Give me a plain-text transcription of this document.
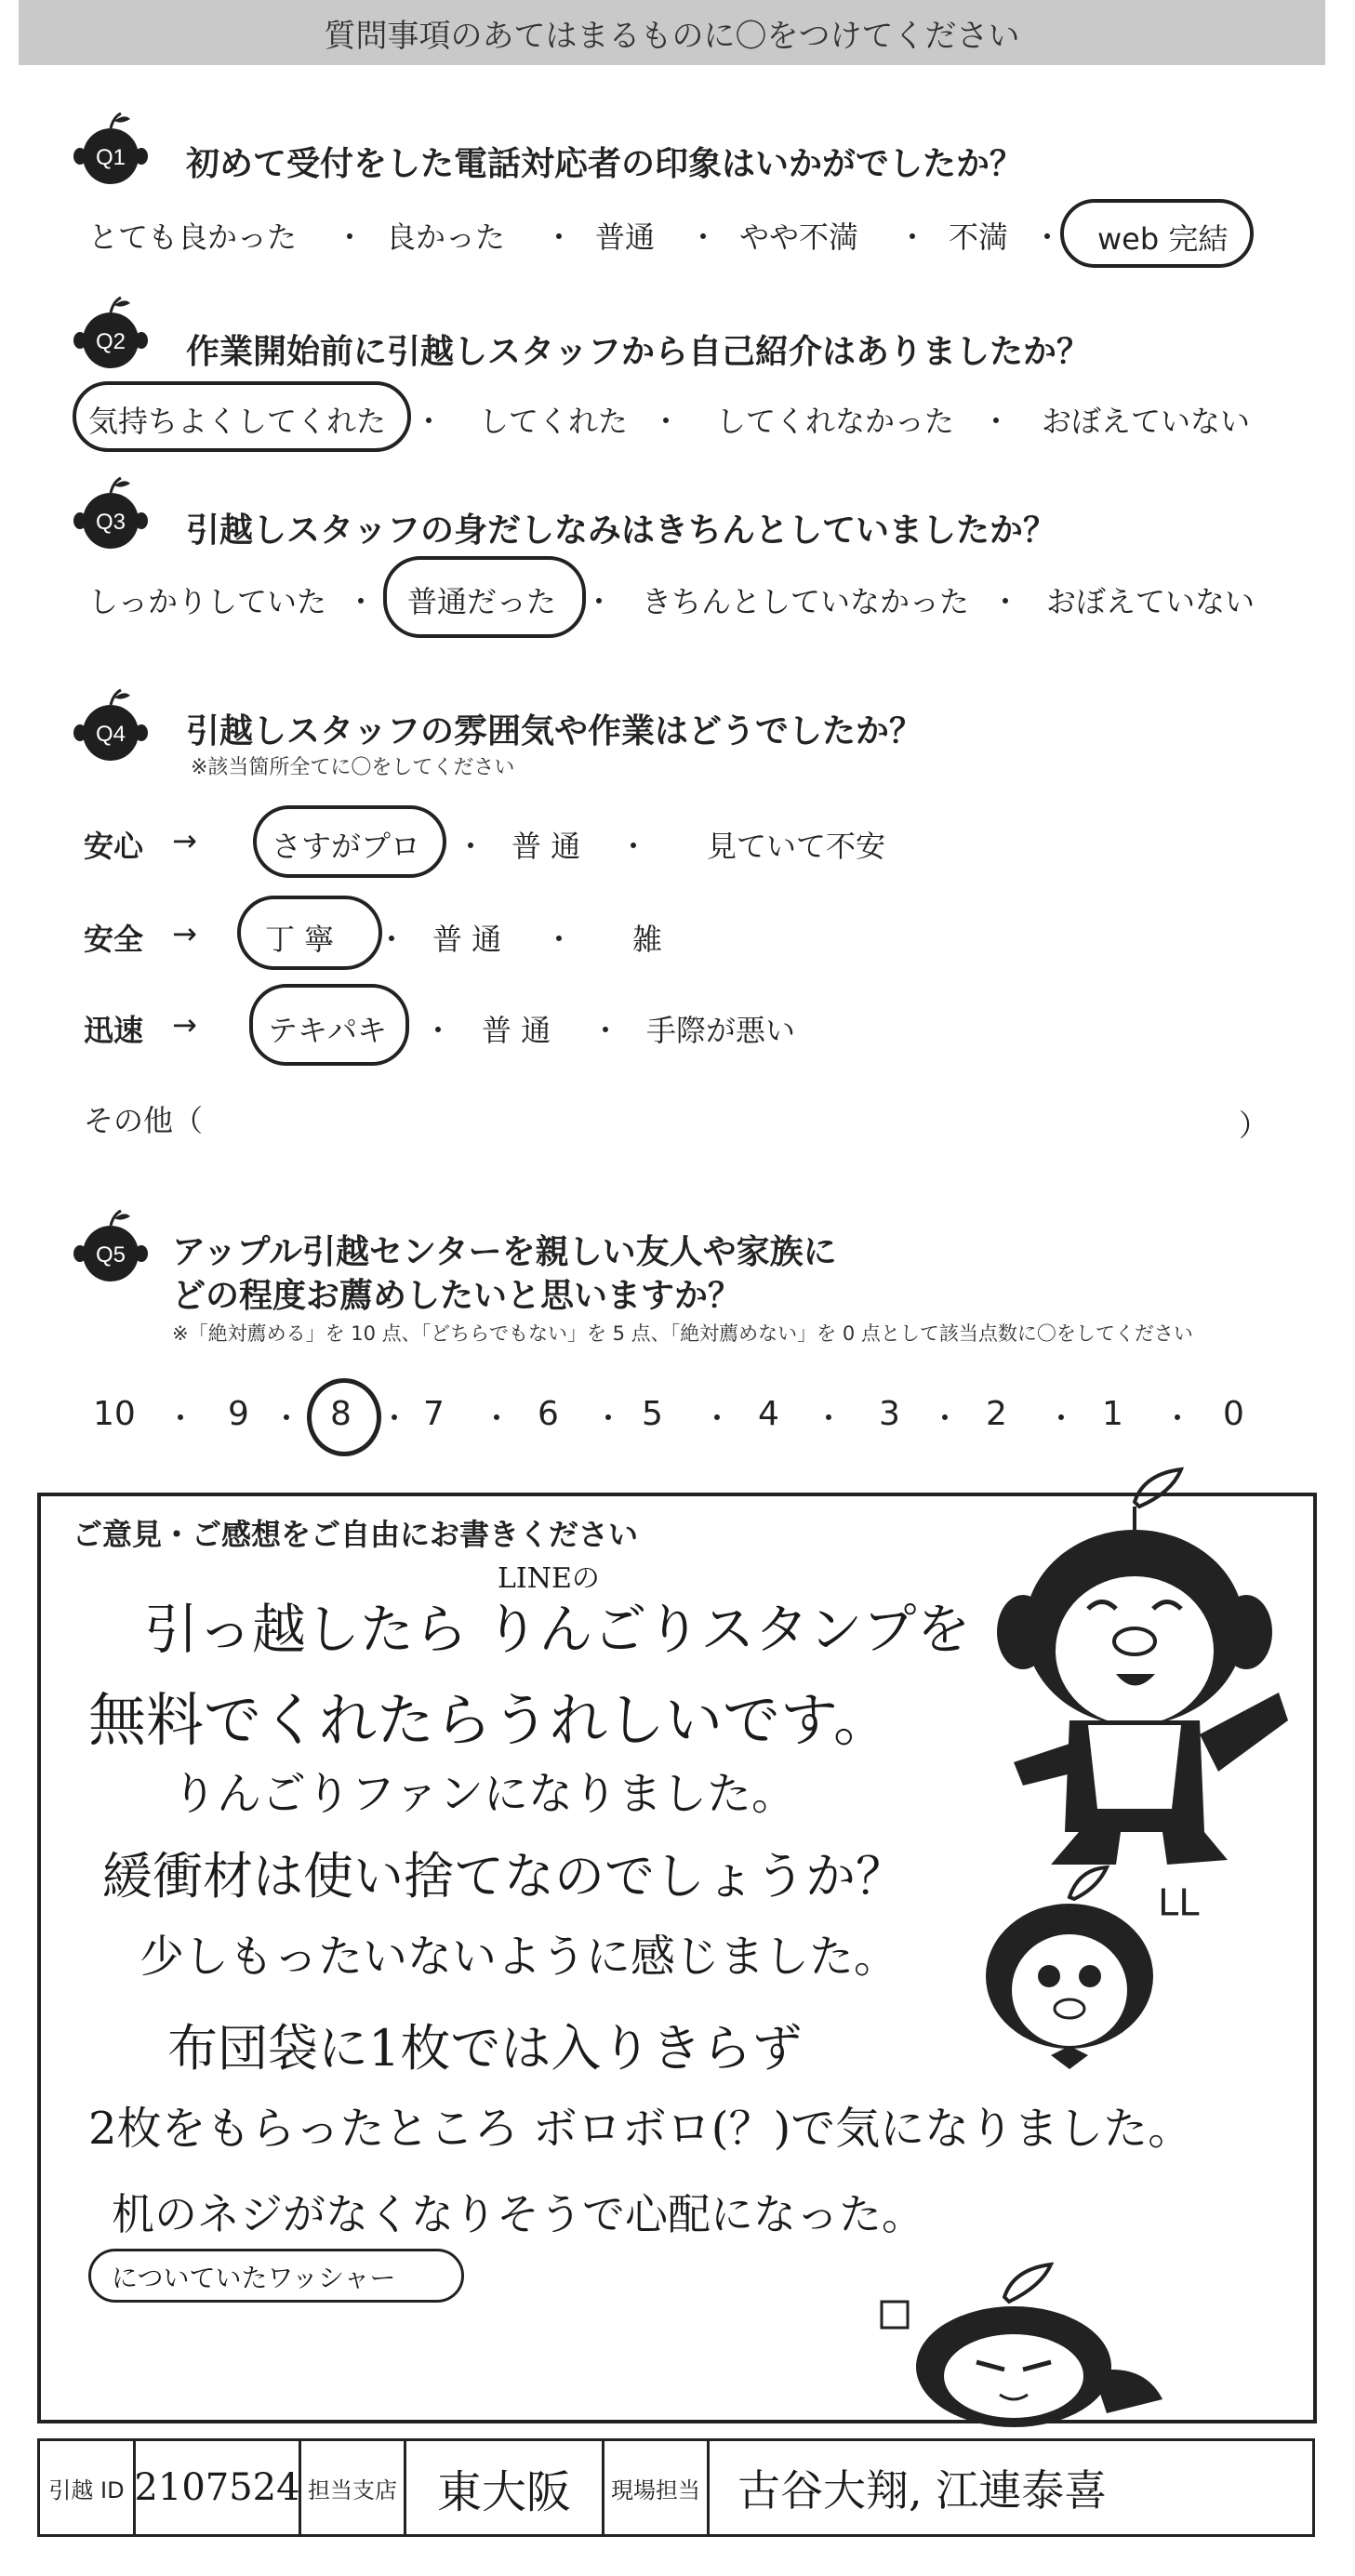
質問事項のあてはまるものに〇をつけてください
Q1 初めて受付をした電話対応者の印象はいかがでしたか？
とても良かった ・ 良かった ・ 普通 ・ やや不満 ・ 不満 ・ web 完結
Q2 作業開始前に引越しスタッフから自己紹介はありましたか？
気持ちよくしてくれた ・ してくれた ・ してくれなかった ・ おぼえていない
Q3 引越しスタッフの身だしなみはきちんとしていましたか？
しっかりしていた ・ 普通だった ・ きちんとしていなかった ・ おぼえていない
Q4 引越しスタッフの雰囲気や作業はどうでしたか？
※該当箇所全てに〇をしてください
安心 →	さすがプロ ・ 普 通 ・ 見ていて不安
安全 → 丁 寧 ・ 普 通 ・ 雑
迅速 → テキパキ ・ 普 通 ・ 手際が悪い
その他（	）
Q5 アップル引越センターを親しい友人や家族に
どの程度お薦めしたいと思いますか？
※「絶対薦める」を 10 点、「どちらでもない」を 5 点、「絶対薦めない」を 0 点として該当点数に〇をしてください
10 ・ 9 ・ 8 ・ 7 ・ 6 ・ 5 ・ 4 ・ 3 ・ 2 ・ 1 ・ 0
ご意見・ご感想をご自由にお書きください
LINEの
引っ越したら りんごりスタンプを
無料でくれたらうれしいです。
りんごりファンになりました。
緩衝材は使い捨てなのでしょうか？
少しもったいないように感じました。
布団袋に1枚では入りきらず
2枚をもらったところ ボロボロ(？)で気になりました。
机のネジがなくなりそうで心配になった。
についていたワッシャー
ᒪᒪ
引越 ID 2107524 担当支店 東大阪 現場担当 古谷大翔, 江連泰喜
